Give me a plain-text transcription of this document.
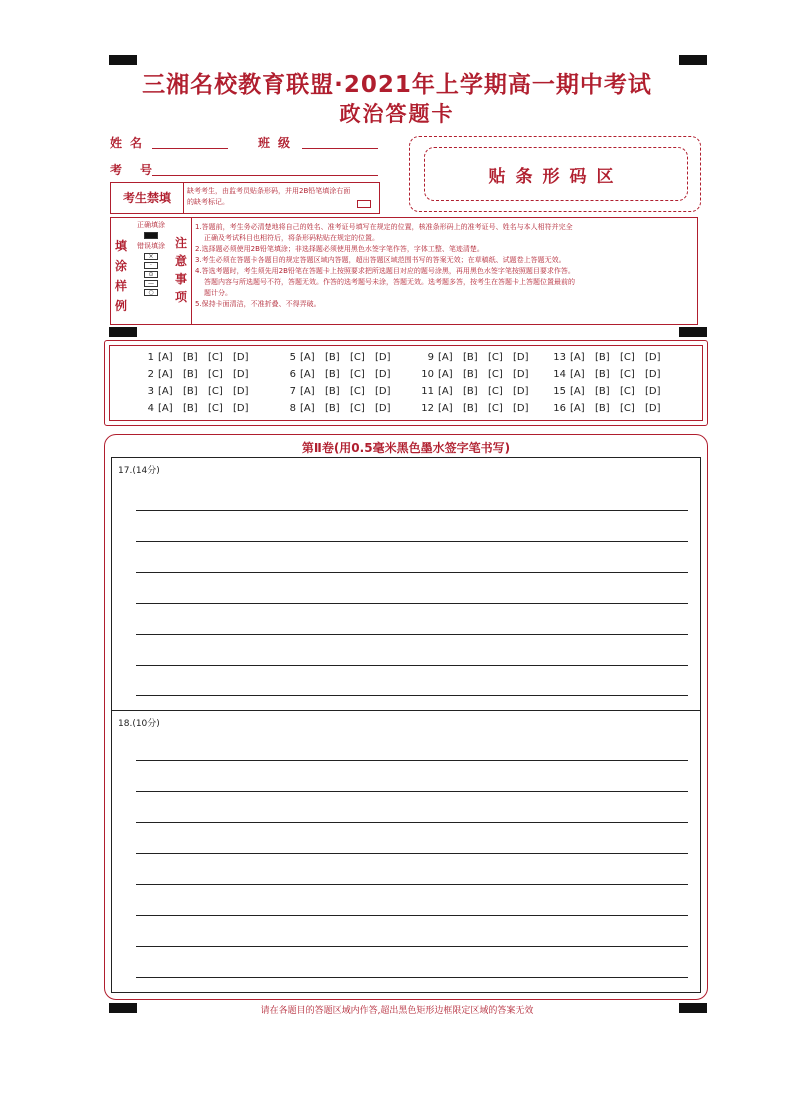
三湘名校教育联盟·2021年上学期高一期中考试
政治答题卡
姓名	班级
考号	贴条形码区
考生禁填	缺考考生，由监考员贴条形码，并用2B铅笔填涂右面的缺考标记。
填涂样例
正确填涂
错误填涂
×
·
⊙
—
○
注意事项
1.答题前，考生务必清楚地将自己的姓名、准考证号填写在规定的位置，核准条形码上的准考证号、姓名与本人相符并完全
正确及考试科目也相符后，将条形码粘贴在规定的位置。
2.选择题必须使用2B铅笔填涂；非选择题必须使用黑色水签字笔作答，字体工整、笔迹清楚。
3.考生必须在答题卡各题目的规定答题区域内答题，超出答题区域范围书写的答案无效；在草稿纸、试题卷上答题无效。
4.答选考题时，考生须先用2B铅笔在答题卡上按照要求把所选题目对应的题号涂黑，再用黑色水签字笔按照题目要求作答。
答题内容与所选题号不符，答题无效。作答的选考题号未涂，答题无效。选考题多答，按考生在答题卡上答题位置最前的
题计分。
5.保持卡面清洁，不准折叠、不得弄破。
1 [A] [B] [C] [D]
2 [A] [B] [C] [D]
3 [A] [B] [C] [D]
4 [A] [B] [C] [D]
5 [A] [B] [C] [D]
6 [A] [B] [C] [D]
7 [A] [B] [C] [D]
8 [A] [B] [C] [D]
9 [A] [B] [C] [D]
10 [A] [B] [C] [D]
11 [A] [B] [C] [D]
12 [A] [B] [C] [D]
13 [A] [B] [C] [D]
14 [A] [B] [C] [D]
15 [A] [B] [C] [D]
16 [A] [B] [C] [D]
第Ⅱ卷(用0.5毫米黑色墨水签字笔书写)
17.(14分)
18.(10分)
请在各题目的答题区域内作答,超出黑色矩形边框限定区域的答案无效
